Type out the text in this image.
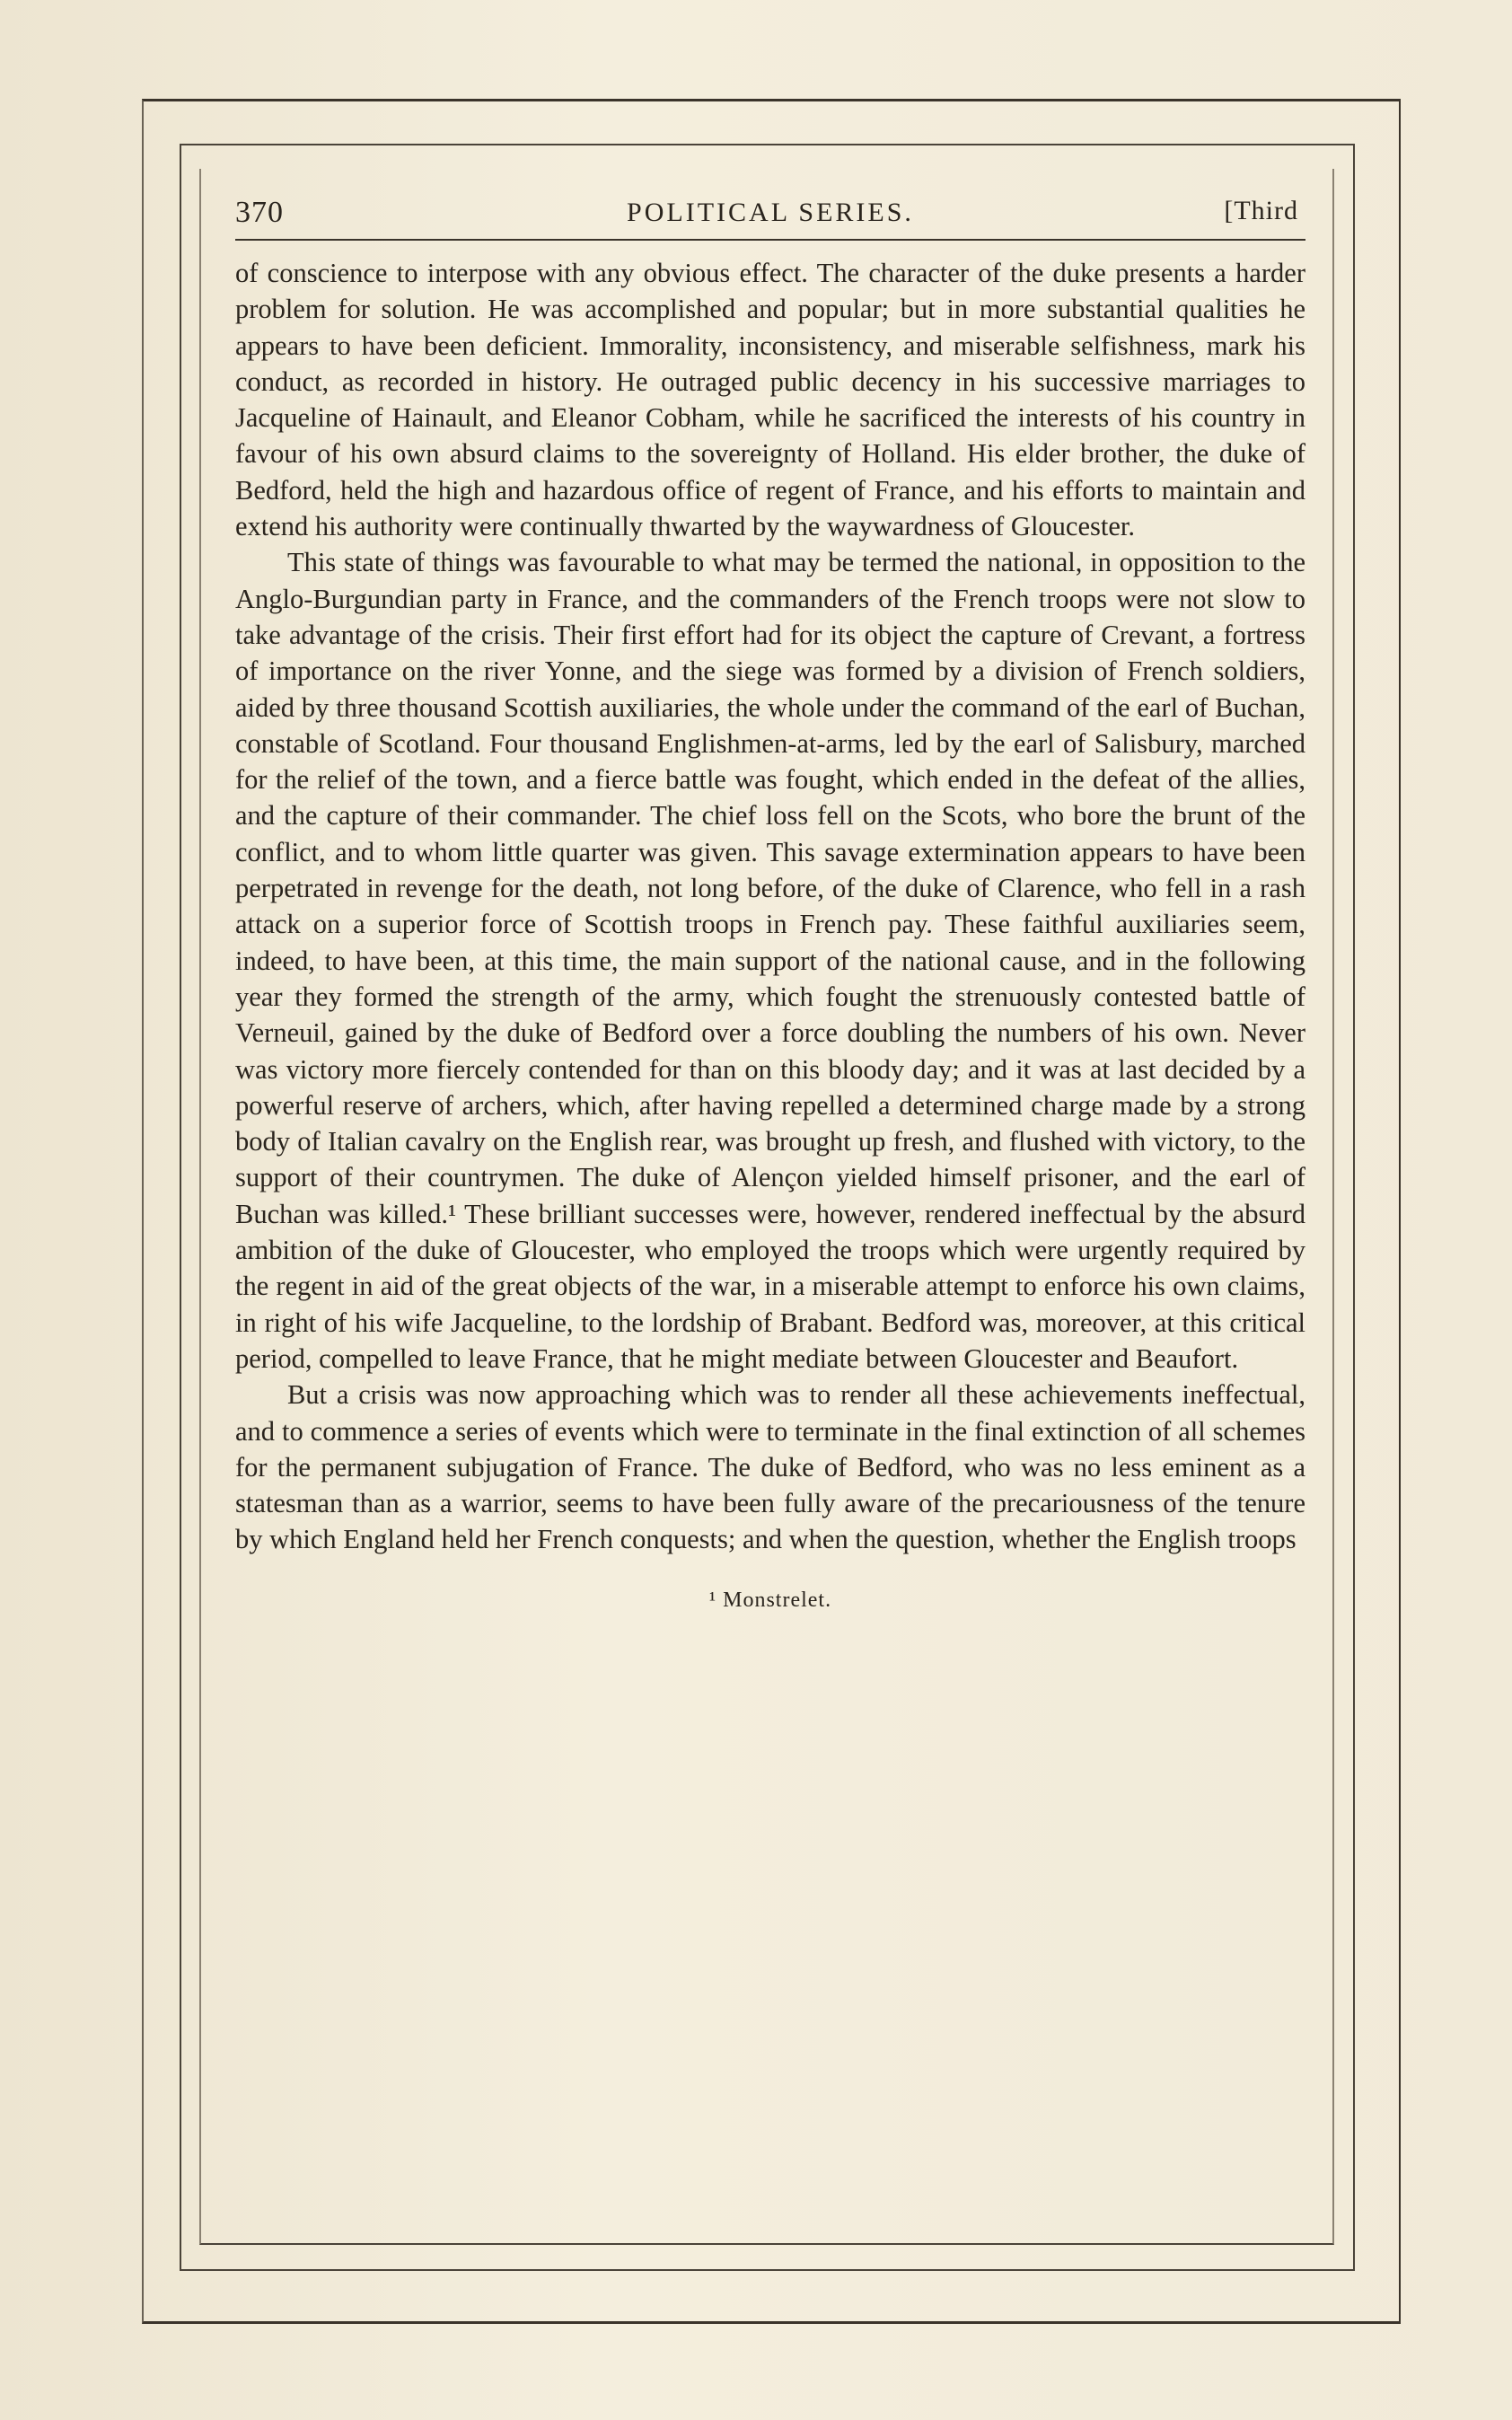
370	POLITICAL SERIES.	[Third

of conscience to interpose with any obvious effect. The character of the duke presents a harder problem for solution. He was accomplished and popular; but in more substantial qualities he appears to have been deficient. Immorality, inconsistency, and miserable selfishness, mark his conduct, as recorded in history. He outraged public decency in his successive marriages to Jacqueline of Hainault, and Eleanor Cobham, while he sacrificed the interests of his country in favour of his own absurd claims to the sovereignty of Holland. His elder brother, the duke of Bedford, held the high and hazardous office of regent of France, and his efforts to maintain and extend his authority were continually thwarted by the waywardness of Gloucester.

This state of things was favourable to what may be termed the national, in opposition to the Anglo-Burgundian party in France, and the commanders of the French troops were not slow to take advantage of the crisis. Their first effort had for its object the capture of Crevant, a fortress of importance on the river Yonne, and the siege was formed by a division of French soldiers, aided by three thousand Scottish auxiliaries, the whole under the command of the earl of Buchan, constable of Scotland. Four thousand Englishmen-at-arms, led by the earl of Salisbury, marched for the relief of the town, and a fierce battle was fought, which ended in the defeat of the allies, and the capture of their commander. The chief loss fell on the Scots, who bore the brunt of the conflict, and to whom little quarter was given. This savage extermination appears to have been perpetrated in revenge for the death, not long before, of the duke of Clarence, who fell in a rash attack on a superior force of Scottish troops in French pay. These faithful auxiliaries seem, indeed, to have been, at this time, the main support of the national cause, and in the following year they formed the strength of the army, which fought the strenuously contested battle of Verneuil, gained by the duke of Bedford over a force doubling the numbers of his own. Never was victory more fiercely contended for than on this bloody day; and it was at last decided by a powerful reserve of archers, which, after having repelled a determined charge made by a strong body of Italian cavalry on the English rear, was brought up fresh, and flushed with victory, to the support of their countrymen. The duke of Alençon yielded himself prisoner, and the earl of Buchan was killed.¹ These brilliant successes were, however, rendered ineffectual by the absurd ambition of the duke of Gloucester, who employed the troops which were urgently required by the regent in aid of the great objects of the war, in a miserable attempt to enforce his own claims, in right of his wife Jacqueline, to the lordship of Brabant. Bedford was, moreover, at this critical period, compelled to leave France, that he might mediate between Gloucester and Beaufort.

But a crisis was now approaching which was to render all these achievements ineffectual, and to commence a series of events which were to terminate in the final extinction of all schemes for the permanent subjugation of France. The duke of Bedford, who was no less eminent as a statesman than as a warrior, seems to have been fully aware of the precariousness of the tenure by which England held her French conquests; and when the question, whether the English troops

¹ Monstrelet.
